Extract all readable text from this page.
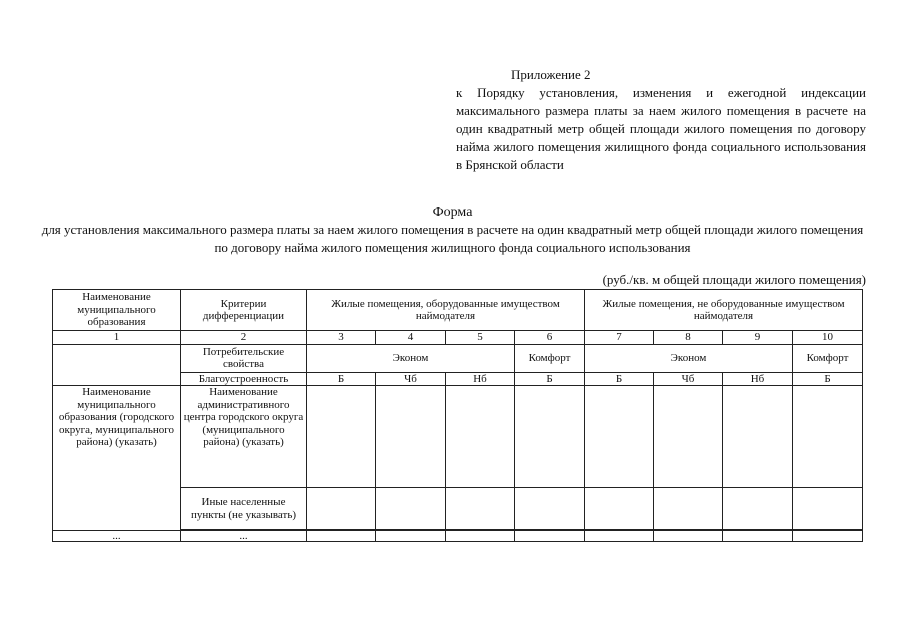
Приложение 2
к Порядку установления, изменения и ежегодной индексации максимального размера платы за наем жилого помещения в расчете на один квадратный метр общей площади жилого помещения по договору найма жилого помещения жилищного фонда социального использования в Брянской области
Форма
для установления максимального размера платы за наем жилого помещения в расчете на один квадратный метр общей площади жилого помещения по договору найма жилого помещения жилищного фонда социального использования
(руб./кв. м общей площади жилого помещения)
Наименование муниципального образования	Критерии дифференциации	Жилые помещения, оборудованные имуществом наймодателя				Жилые помещения, не оборудованные имуществом наймодателя			
1	2	3	4	5	6	7	8	9	10
	Потребительские свойства	Эконом			Комфорт	Эконом			Комфорт
	Благоустроенность	Б	Чб	Нб	Б	Б	Чб	Нб	Б
Наименование муниципального образования (городского округа, муниципального района) (указать)	Наименование административного центра городского округа (муниципального района) (указать)								
	Иные населенные пункты (не указывать)								

...	...								
